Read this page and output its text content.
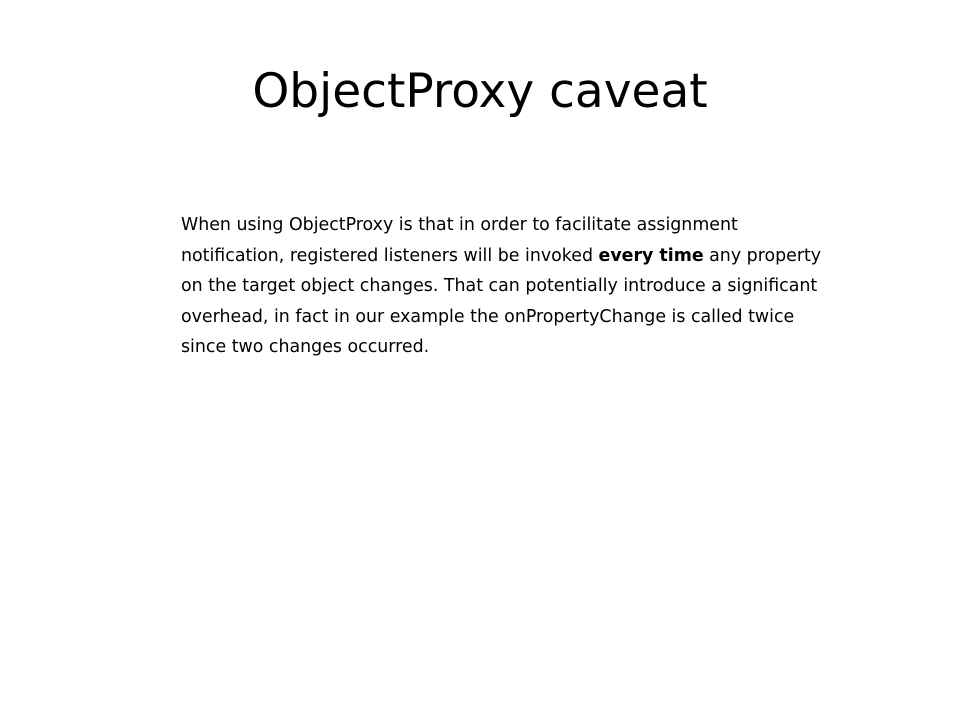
ObjectProxy caveat

When using ObjectProxy is that in order to facilitate assignment notification, registered listeners will be invoked every time any property on the target object changes. That can potentially introduce a significant overhead, in fact in our example the onPropertyChange is called twice since two changes occurred.
